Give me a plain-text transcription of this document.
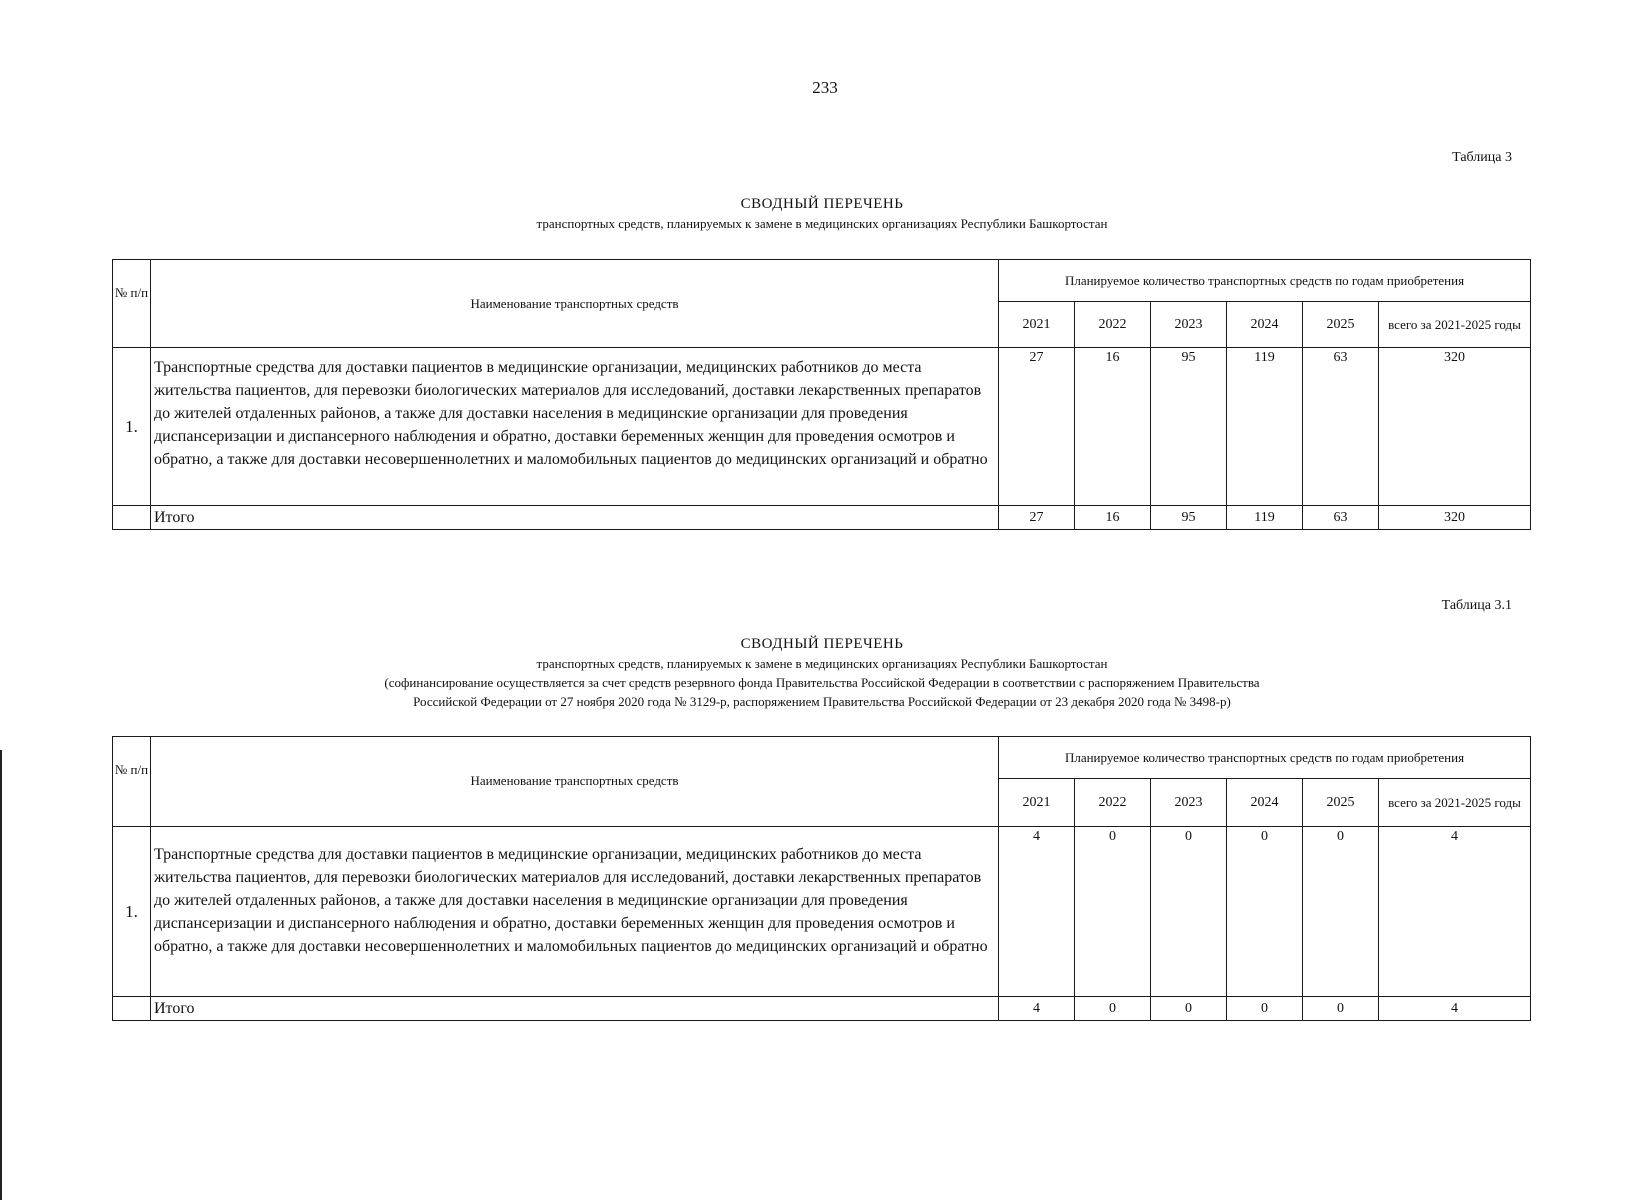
233
Таблица 3
СВОДНЫЙ ПЕРЕЧЕНЬ
транспортных средств, планируемых к замене в медицинских организациях Республики Башкортостан
№ п/п	Наименование транспортных средств	Планируемое количество транспортных средств по годам приобретения					
		2021	2022	2023	2024	2025	всего за 2021-2025 годы
1.	Транспортные средства для доставки пациентов в медицинские организации, медицинских работников до места жительства пациентов, для перевозки биологических материалов для исследований, доставки лекарственных препаратов до жителей отдаленных районов, а также для доставки населения в медицинские организации для проведения диспансеризации и диспансерного наблюдения и обратно, доставки беременных женщин для проведения осмотров и обратно, а также для доставки несовершеннолетних и маломобильных пациентов до медицинских организаций и обратно	27	16	95	119	63	320
	Итого	27	16	95	119	63	320
Таблица 3.1
СВОДНЫЙ ПЕРЕЧЕНЬ
транспортных средств, планируемых к замене в медицинских организациях Республики Башкортостан
(софинансирование осуществляется за счет средств резервного фонда Правительства Российской Федерации в соответствии с распоряжением Правительства
Российской Федерации от 27 ноября 2020 года № 3129-р, распоряжением Правительства Российской Федерации от 23 декабря 2020 года № 3498-р)
№ п/п	Наименование транспортных средств	Планируемое количество транспортных средств по годам приобретения					
		2021	2022	2023	2024	2025	всего за 2021-2025 годы
1.	Транспортные средства для доставки пациентов в медицинские организации, медицинских работников до места жительства пациентов, для перевозки биологических материалов для исследований, доставки лекарственных препаратов до жителей отдаленных районов, а также для доставки населения в медицинские организации для проведения диспансеризации и диспансерного наблюдения и обратно, доставки беременных женщин для проведения осмотров и обратно, а также для доставки несовершеннолетних и маломобильных пациентов до медицинских организаций и обратно	4	0	0	0	0	4
	Итого	4	0	0	0	0	4
